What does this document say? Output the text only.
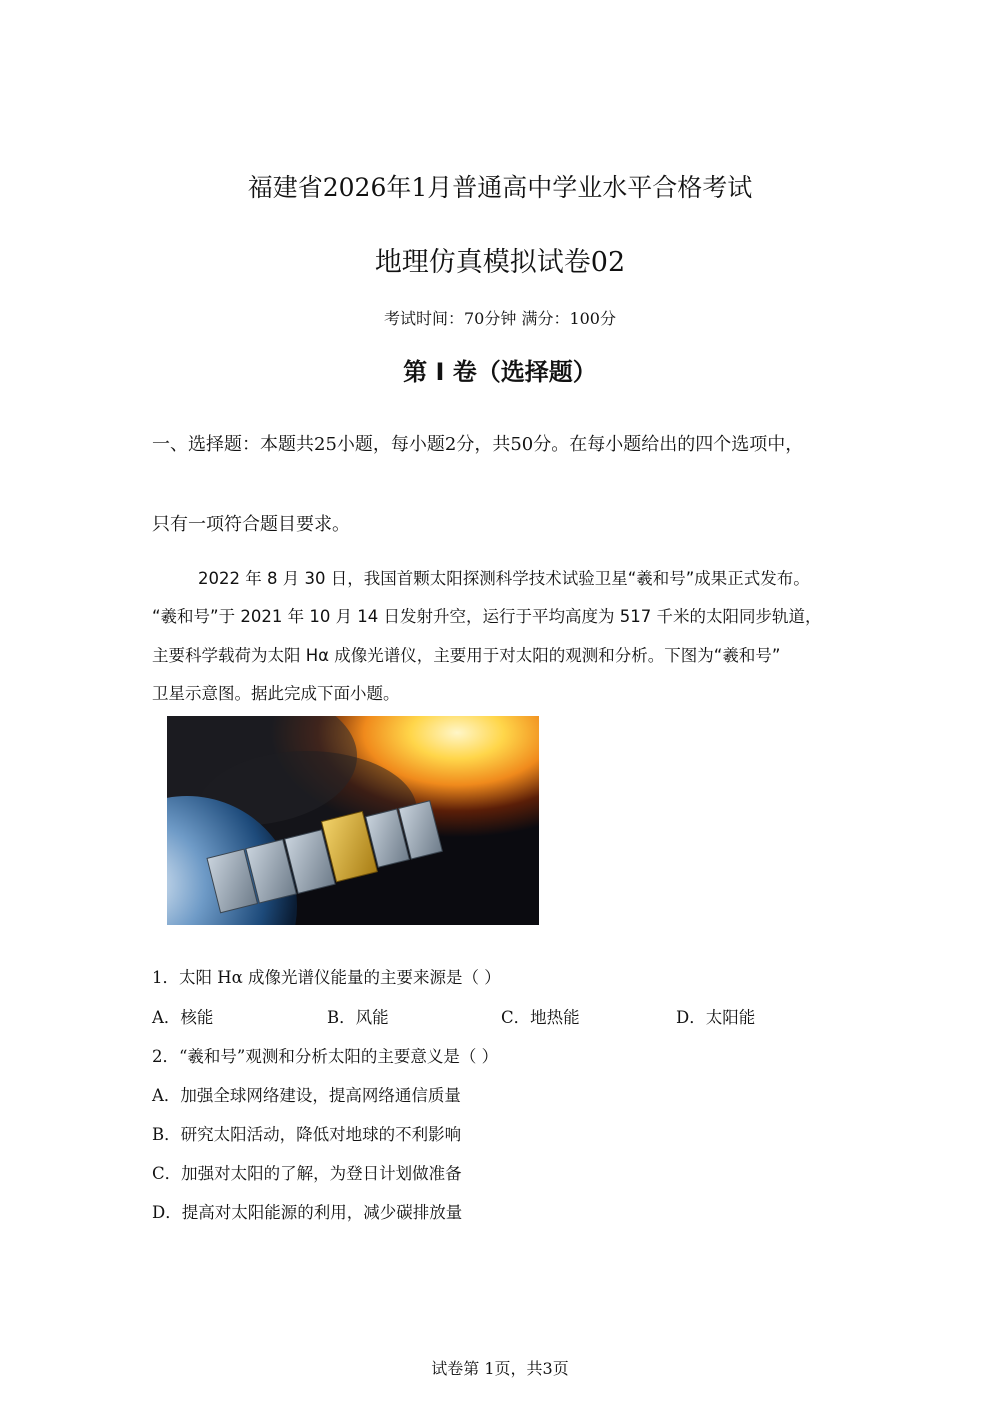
福建省2026年1月普通高中学业水平合格考试
地理仿真模拟试卷02
考试时间：70分钟 满分：100分
第 I 卷（选择题）
一、选择题：本题共25小题，每小题2分，共50分。在每小题给出的四个选项中，
只有一项符合题目要求。
2022 年 8 月 30 日，我国首颗太阳探测科学技术试验卫星“羲和号”成果正式发布。
“羲和号”于 2021 年 10 月 14 日发射升空，运行于平均高度为 517 千米的太阳同步轨道，
主要科学载荷为太阳 Hα 成像光谱仪，主要用于对太阳的观测和分析。下图为“羲和号”
卫星示意图。据此完成下面小题。
1．太阳 Hα 成像光谱仪能量的主要来源是（ ）
A．核能	B．风能	C．地热能	D．太阳能
2．“羲和号”观测和分析太阳的主要意义是（ ）
A．加强全球网络建设，提高网络通信质量
B．研究太阳活动，降低对地球的不利影响
C．加强对太阳的了解，为登日计划做准备
D．提高对太阳能源的利用，减少碳排放量
试卷第 1页，共3页
